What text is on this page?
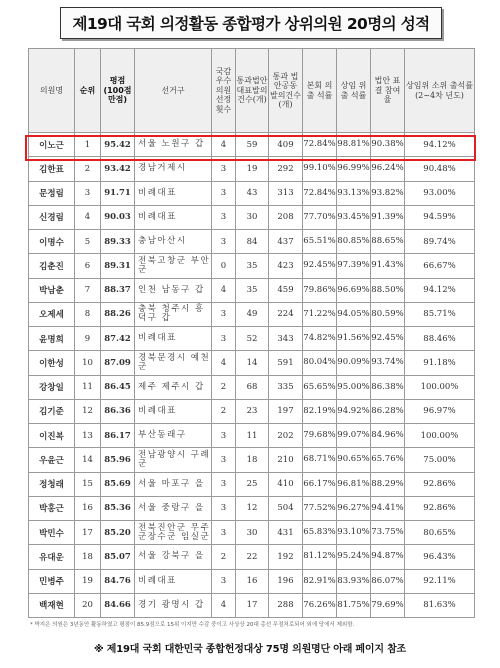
제19대 국회 의정활동 종합평가 상위의원 20명의 성적
의원명	순위	평점 (100점 만점)	선거구	국감 우수 의원 선정 횟수	통과법안 대표발의 건수(개)	통과 법안공동 발의건수 (개)	본회 의출 석률	상임 위출 석률	법안 표결 참여율	상임위 소위 출석률 (2~4차 년도)
이노근	1	95.42	서울 노원구 갑	4	59	409	72.84%	98.81%	90.38%	94.12%
김한표	2	93.42	경남거제시	3	19	292	99.10%	96.99%	96.24%	90.48%
문정림	3	91.71	비례대표	3	43	313	72.84%	93.13%	93.82%	93.00%
신경림	4	90.03	비례대표	3	30	208	77.70%	93.45%	91.39%	94.59%
이명수	5	89.33	충남아산시	3	84	437	65.51%	80.85%	88.65%	89.74%
김춘진	6	89.31	전북고창군 부안군	0	35	423	92.45%	97.39%	91.43%	66.67%
박남춘	7	88.37	인천 남동구 갑	4	35	459	79.86%	96.69%	88.50%	94.12%
오제세	8	88.26	충북 청주시 흥덕구 갑	3	49	224	71.22%	94.05%	80.59%	85.71%
윤명희	9	87.42	비례대표	3	52	343	74.82%	91.56%	92.45%	88.46%
이한성	10	87.09	경북문경시 예천군	4	14	591	80.04%	90.09%	93.74%	91.18%
강창일	11	86.45	제주 제주시 갑	2	68	335	65.65%	95.00%	86.38%	100.00%
김기준	12	86.36	비례대표	2	23	197	82.19%	94.92%	86.28%	96.97%
이진복	13	86.17	부산동래구	3	11	202	79.68%	99.07%	84.96%	100.00%
우윤근	14	85.96	전남광양시 구례군	3	18	210	68.71%	90.65%	65.76%	75.00%
정청래	15	85.69	서울 마포구 을	3	25	410	66.17%	96.81%	88.29%	92.86%
박홍근	16	85.36	서울 중랑구 을	3	12	504	77.52%	96.27%	94.41%	92.86%
박민수	17	85.20	전북진안군 무주군장수군 임실군	3	30	431	65.83%	93.10%	73.75%	80.65%
유대운	18	85.07	서울 강북구 을	2	22	192	81.12%	95.24%	94.87%	96.43%
민병주	19	84.76	비례대표	3	16	196	82.91%	83.93%	86.07%	92.11%
백재현	20	84.66	경기 광명시 갑	4	17	288	76.26%	81.75%	79.69%	81.63%
* 박지은 의원은 3년동안 활동하였고 평점이 85.9점으로 15위 이지만 수감 중이고 사상상 20대 총선 무점처로되어 외에 당에서 제외함.
※ 제19대 국회 대한민국 종합헌정대상 75명 의원명단 아래 페이지 참조
